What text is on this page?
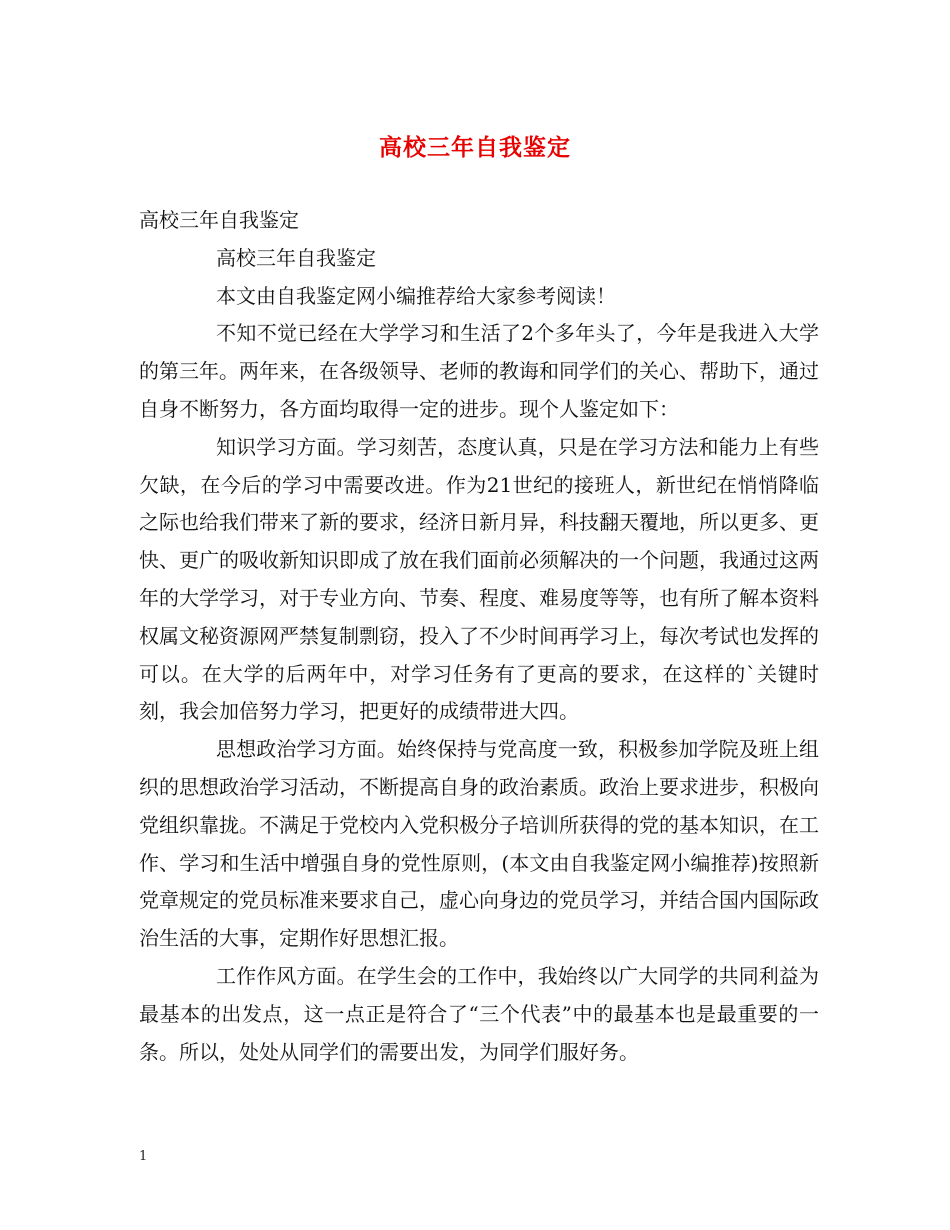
高校三年自我鉴定

高校三年自我鉴定

高校三年自我鉴定

本文由自我鉴定网小编推荐给大家参考阅读！

不知不觉已经在大学学习和生活了2个多年头了，今年是我进入大学的第三年。两年来，在各级领导、老师的教诲和同学们的关心、帮助下，通过自身不断努力，各方面均取得一定的进步。现个人鉴定如下：

知识学习方面。学习刻苦，态度认真，只是在学习方法和能力上有些欠缺，在今后的学习中需要改进。作为21世纪的接班人，新世纪在悄悄降临之际也给我们带来了新的要求，经济日新月异，科技翻天覆地，所以更多、更快、更广的吸收新知识即成了放在我们面前必须解决的一个问题，我通过这两年的大学学习，对于专业方向、节奏、程度、难易度等等，也有所了解本资料权属文秘资源网严禁复制剽窃，投入了不少时间再学习上，每次考试也发挥的可以。在大学的后两年中，对学习任务有了更高的要求，在这样的`关键时刻，我会加倍努力学习，把更好的成绩带进大四。

思想政治学习方面。始终保持与党高度一致，积极参加学院及班上组织的思想政治学习活动，不断提高自身的政治素质。政治上要求进步，积极向党组织靠拢。不满足于党校内入党积极分子培训所获得的党的基本知识，在工作、学习和生活中增强自身的党性原则，(本文由自我鉴定网小编推荐)按照新党章规定的党员标准来要求自己，虚心向身边的党员学习，并结合国内国际政治生活的大事，定期作好思想汇报。

工作作风方面。在学生会的工作中，我始终以广大同学的共同利益为最基本的出发点，这一点正是符合了“三个代表”中的最基本也是最重要的一条。所以，处处从同学们的需要出发，为同学们服好务。

1
